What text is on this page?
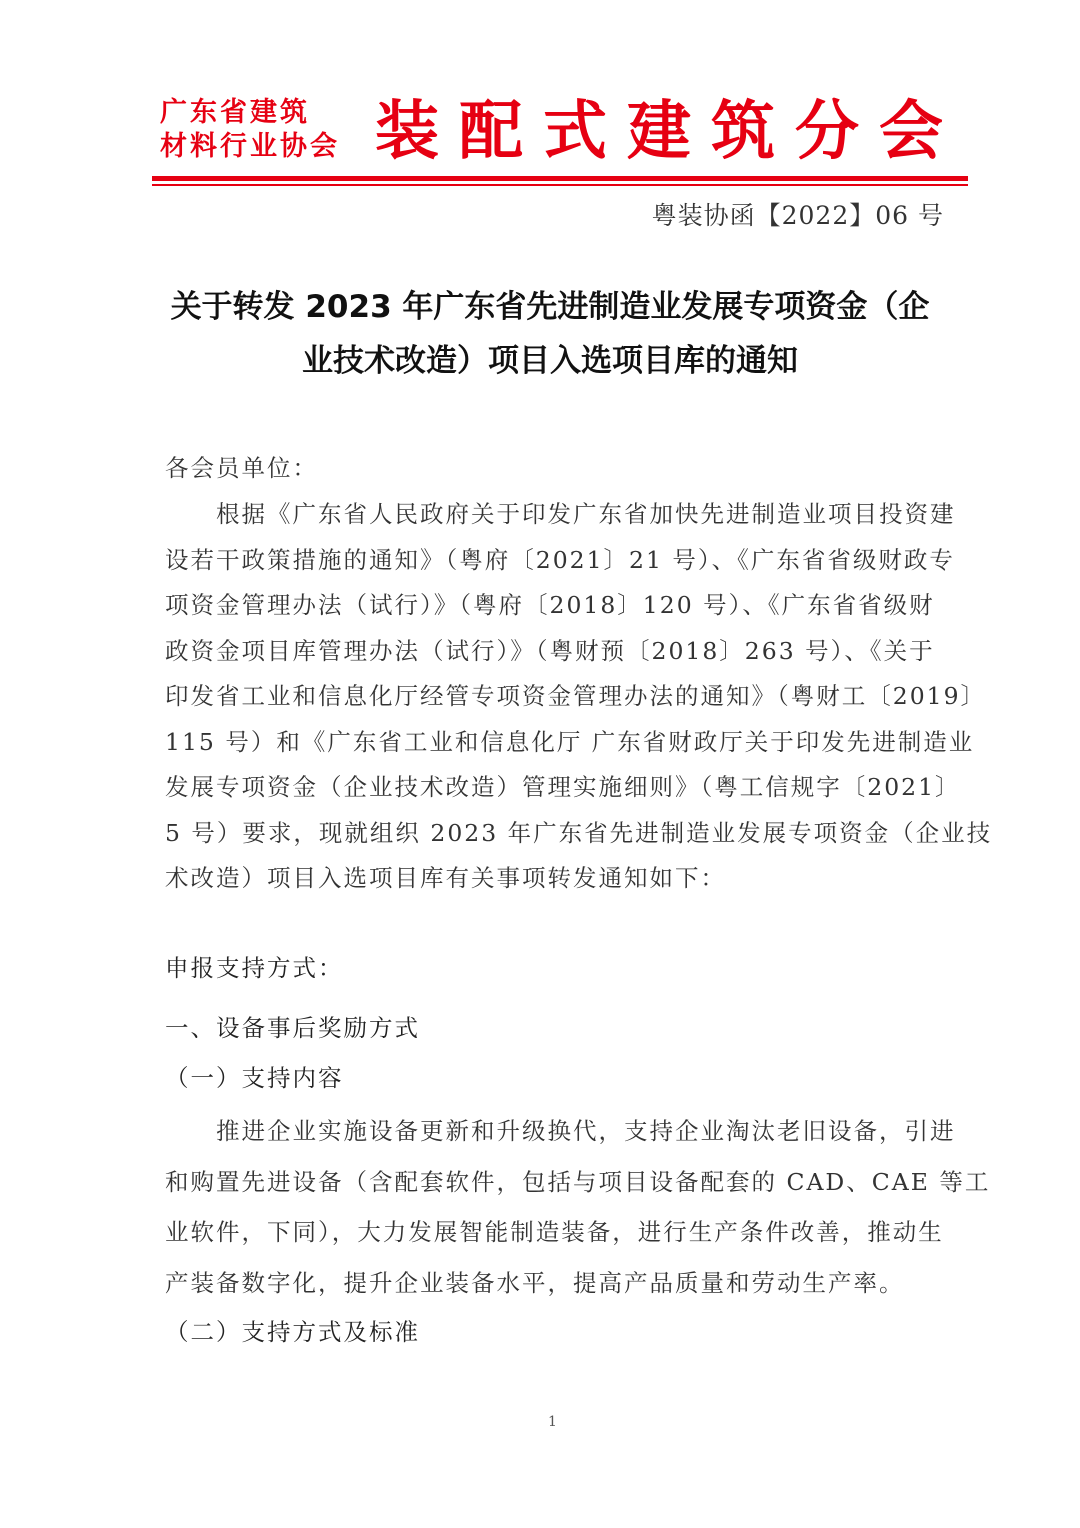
广东省建筑
材料行业协会 装配式建筑分会
粤装协函【2022】06 号
关于转发 2023 年广东省先进制造业发展专项资金（企
业技术改造）项目入选项目库的通知
各会员单位：
　　根据《广东省人民政府关于印发广东省加快先进制造业项目投资建
设若干政策措施的通知》（粤府〔2021〕21 号）、《广东省省级财政专
项资金管理办法（试行）》（粤府〔2018〕120 号）、《广东省省级财
政资金项目库管理办法（试行）》（粤财预〔2018〕263 号）、《关于
印发省工业和信息化厅经管专项资金管理办法的通知》（粤财工〔2019〕
115 号）和《广东省工业和信息化厅 广东省财政厅关于印发先进制造业
发展专项资金（企业技术改造）管理实施细则》（粤工信规字〔2021〕
5 号）要求，现就组织 2023 年广东省先进制造业发展专项资金（企业技
术改造）项目入选项目库有关事项转发通知如下：
申报支持方式：
一、设备事后奖励方式
（一）支持内容
　　推进企业实施设备更新和升级换代，支持企业淘汰老旧设备，引进
和购置先进设备（含配套软件，包括与项目设备配套的 CAD、CAE 等工
业软件，下同），大力发展智能制造装备，进行生产条件改善，推动生
产装备数字化，提升企业装备水平，提高产品质量和劳动生产率。
（二）支持方式及标准
1
